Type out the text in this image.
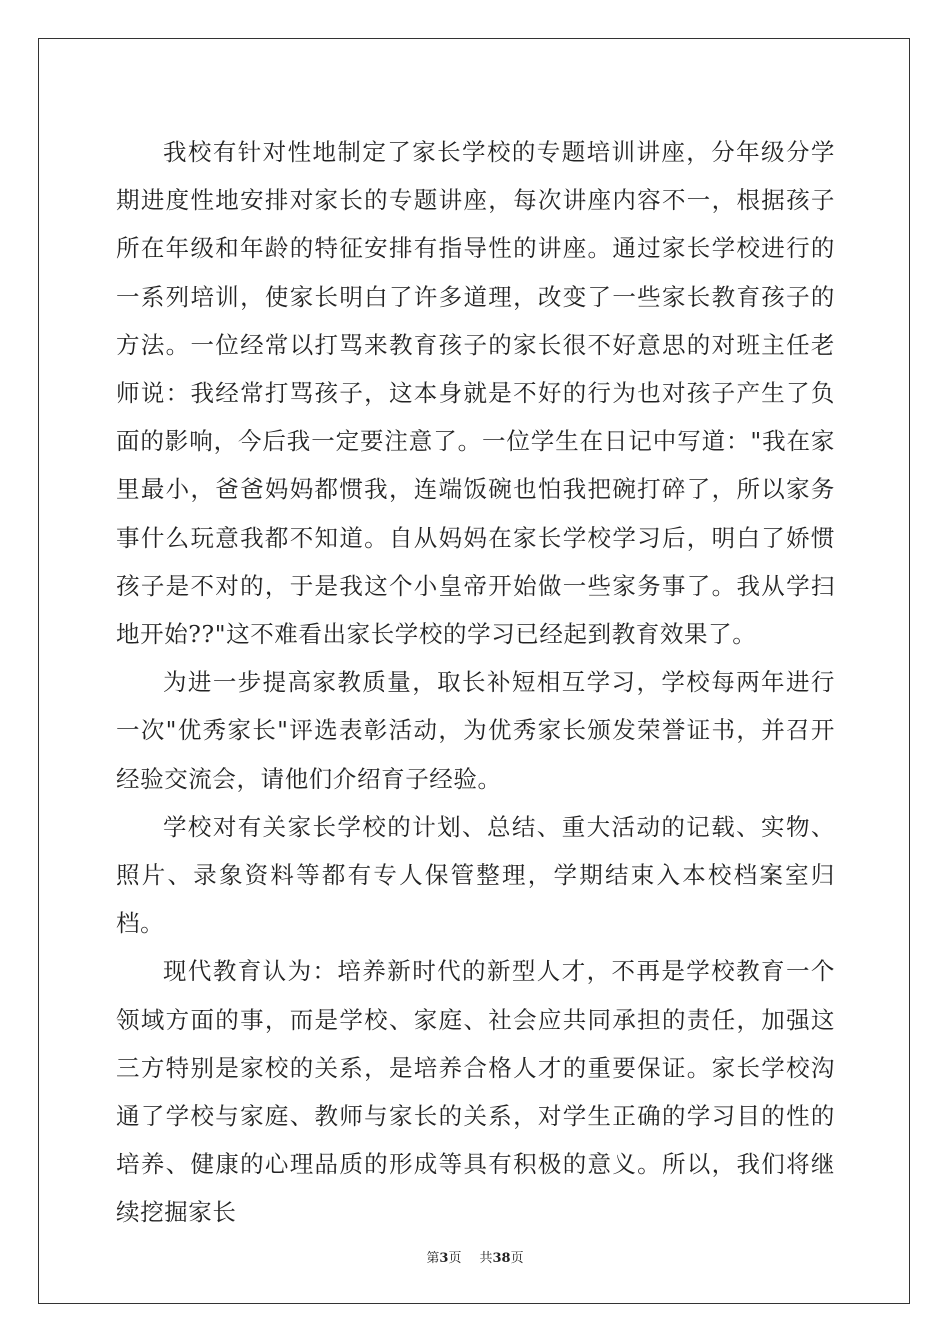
我校有针对性地制定了家长学校的专题培训讲座，分年级分学期进度性地安排对家长的专题讲座，每次讲座内容不一，根据孩子所在年级和年龄的特征安排有指导性的讲座。通过家长学校进行的一系列培训，使家长明白了许多道理，改变了一些家长教育孩子的方法。一位经常以打骂来教育孩子的家长很不好意思的对班主任老师说：我经常打骂孩子，这本身就是不好的行为也对孩子产生了负面的影响，今后我一定要注意了。一位学生在日记中写道："我在家里最小，爸爸妈妈都惯我，连端饭碗也怕我把碗打碎了，所以家务事什么玩意我都不知道。自从妈妈在家长学校学习后，明白了娇惯孩子是不对的，于是我这个小皇帝开始做一些家务事了。我从学扫地开始??"这不难看出家长学校的学习已经起到教育效果了。

为进一步提高家教质量，取长补短相互学习，学校每两年进行一次"优秀家长"评选表彰活动，为优秀家长颁发荣誉证书，并召开经验交流会，请他们介绍育子经验。

学校对有关家长学校的计划、总结、重大活动的记载、实物、照片、录象资料等都有专人保管整理，学期结束入本校档案室归档。

现代教育认为：培养新时代的新型人才，不再是学校教育一个领域方面的事，而是学校、家庭、社会应共同承担的责任，加强这三方特别是家校的关系，是培养合格人才的重要保证。家长学校沟通了学校与家庭、教师与家长的关系，对学生正确的学习目的性的培养、健康的心理品质的形成等具有积极的意义。所以，我们将继续挖掘家长

第3页 共38页
